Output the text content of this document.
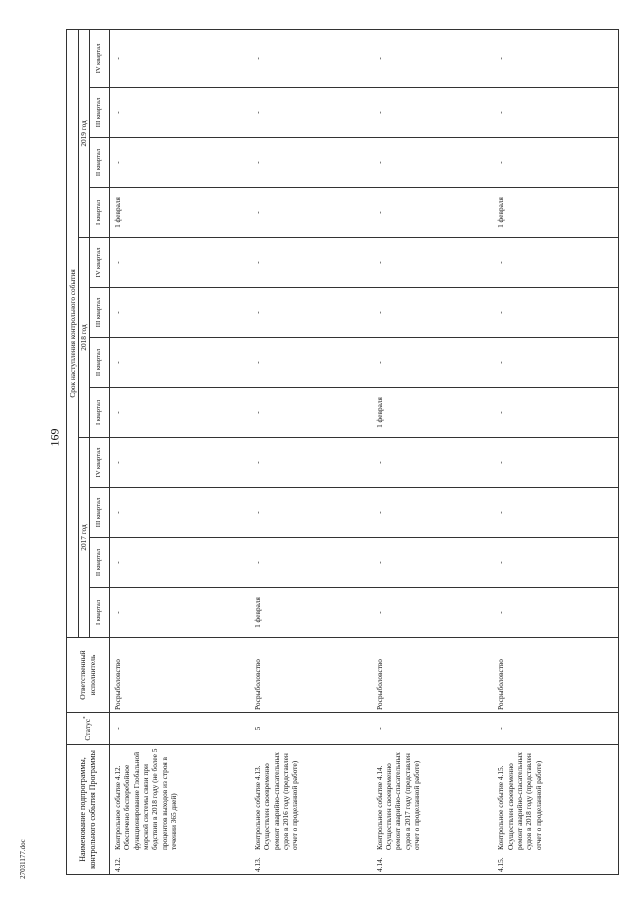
169
27031177.doc	Наименование подпрограммы, контрольного события Программы	Статус*	Ответственный исполнитель	Срок наступления контрольного события											
			2017 год				2018 год				2019 год			
			I квартал	II квартал	III квартал	IV квартал	I квартал	II квартал	III квартал	IV квартал	I квартал	II квартал	III квартал	IV квартал

4.12.
Контрольное событие 4.12. Обеспечено бесперебойное функционирование Глобальной морской системы связи при бедствии в 2018 году (не более 5 процентов выходов из строя в течении 365 дней)	-	Росрыболовство	-	-	-	-	-	-	-	-	1 февраля	-	-	-

4.13.
Контрольное событие 4.13. Осуществлен своевременно ремонт аварийно-спасательных судов в 2016 году (представлен отчет о проделанной работе)	5	Росрыболовство	1 февраля	-	-	-	-	-	-	-	-	-	-	-

4.14.
Контрольное событие 4.14. Осуществлен своевременно ремонт аварийно-спасательных судов в 2017 году (представлен отчет о проделанной работе)	-	Росрыболовство	-	-	-	-	1 февраля	-	-	-	-	-	-	-

4.15.
Контрольное событие 4.15. Осуществлен своевременно ремонт аварийно-спасательных судов в 2018 году (представлен отчет о проделанной работе)	-	Росрыболовство	-	-	-	-	-	-	-	-	1 февраля	-	-	-
